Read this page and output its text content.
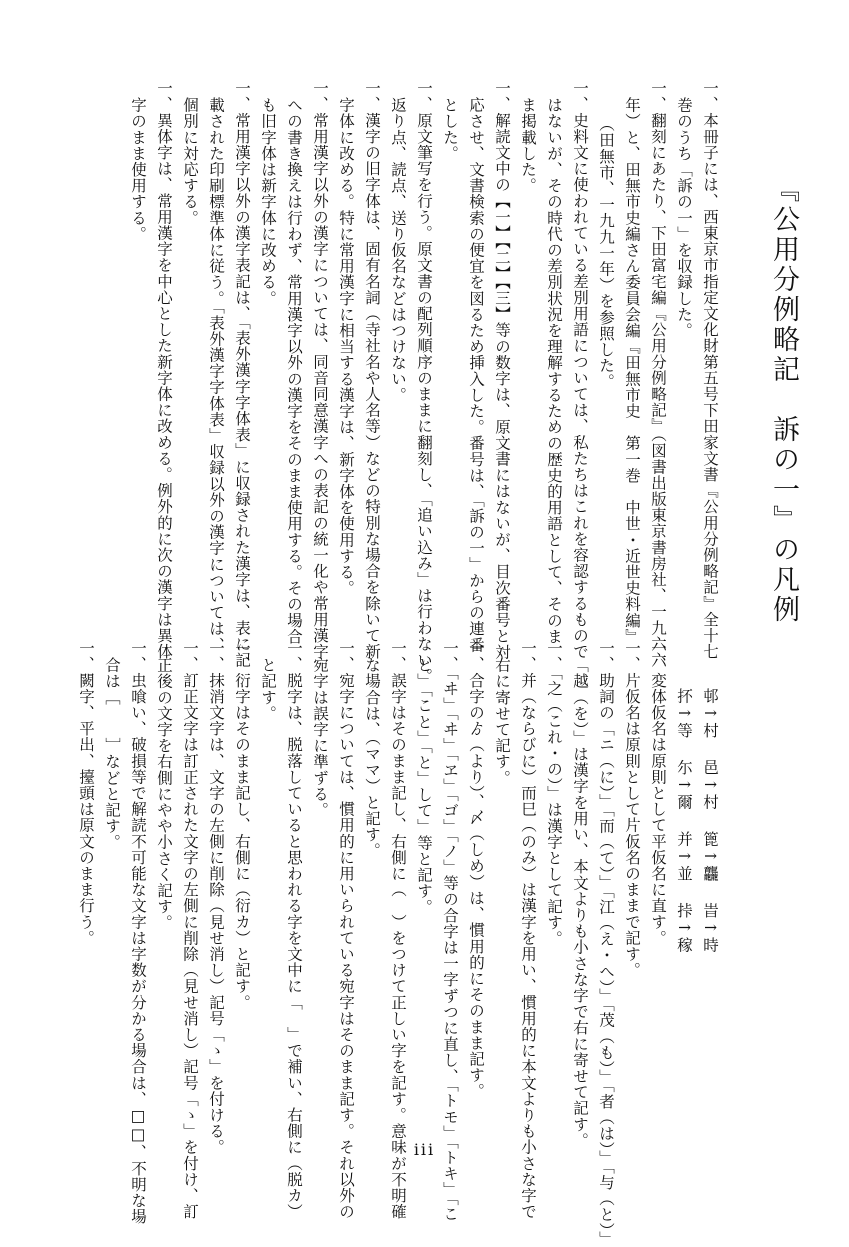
『公用分例略記　訴の一』の凡例
一、本冊子には、西東京市指定文化財第五号下田家文書『公用分例略記』全十七
巻のうち「訴の一」を収録した。
一、翻刻にあたり、下田富宅編『公用分例略記』（図書出版東京書房社、一九六六
年）と、田無市史編さん委員会編『田無市史　第一巻　中世・近世史料編』
（田無市、一九九一年）を参照した。
一、史料文に使われている差別用語については、私たちはこれを容認するもので
はないが、その時代の差別状況を理解するための歴史的用語として、そのま
ま掲載した。
一、解読文中の【一】【二】【三】等の数字は、原文書にはないが、目次番号と対
応させ、文書検索の便宜を図るため挿入した。番号は、「訴の一」からの連番
とした。
一、原文筆写を行う。原文書の配列順序のままに翻刻し、「追い込み」は行わない。
返り点、読点、送り仮名などはつけない。
一、漢字の旧字体は、固有名詞（寺社名や人名等）などの特別な場合を除いて新
字体に改める。特に常用漢字に相当する漢字は、新字体を使用する。
一、常用漢字以外の漢字については、同音同意漢字への表記の統一化や常用漢字
への書き換えは行わず、常用漢字以外の漢字をそのまま使用する。その場合
も旧字体は新字体に改める。
一、常用漢字以外の漢字表記は、「表外漢字字体表」に収録された漢字は、表に記
載された印刷標準体に従う。「表外漢字字体表」収録以外の漢字については、
個別に対応する。
一、異体字は、常用漢字を中心とした新字体に改める。例外的に次の漢字は異体
字のまま使用する。
邨↑村　邑↑村　篦↑龘　旹↑時
抔↑等　尓↑爾　并↑並　挊↑稼
一、変体仮名は原則として平仮名に直す。
一、片仮名は原則として片仮名のままで記す。
一、助詞の「ニ（に）」「而（て）」「江（え・へ）」「茂（も）」「者（は）」「与（と）」
「越（を）」は漢字を用い、本文よりも小さな字で右に寄せて記す。
一、「之（これ・の）」は漢字として記す。
一、并（ならびに）而巳（のみ）は漢字を用い、慣用的に本文よりも小さな字で
右に寄せて記す。
一、合字のゟ（より）、〆（しめ）は、慣用的にそのまま記す。
一、「ヰ」「ヰ」「ヱ」「ゴ」「ノ」等の合字は一字ずつに直し、「トモ」「トキ」「こ
と」「こと」「と」して」等と記す。
一、誤字はそのまま記し、右側に（　）をつけて正しい字を記す。意味が不明確
な場合は、（ママ）と記す。
一、宛字については、慣用的に用いられている宛字はそのまま記す。それ以外の
宛字は誤字に準ずる。
一、脱字は、脱落していると思われる字を文中に「　」で補い、右側に（脱カ）
と記す。
一、衍字はそのまま記し、右側に（衍カ）と記す。
一、抹消文字は、文字の左側に削除（見せ消し）記号「ゝ」を付ける。
一、訂正文字は訂正された文字の左側に削除（見せ消し）記号「ゝ」を付け、訂
正後の文字を右側にやや小さく記す。
一、虫喰い、破損等で解読不可能な文字は字数が分かる場合は、□□、不明な場
合は［　　］などと記す。
一、闕字、平出、擡頭は原文のまま行う。
iii
